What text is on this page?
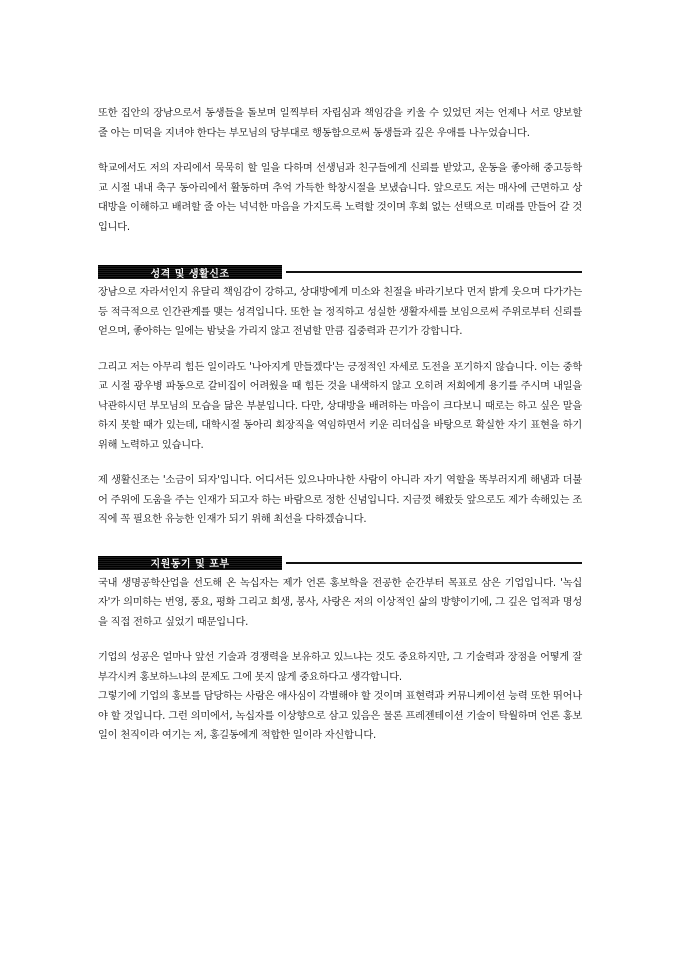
또한 집안의 장남으로서 동생들을 돌보며 일찍부터 자립심과 책임감을 키울 수 있었던 저는 언제나 서로 양보할 줄 아는 미덕을 지녀야 한다는 부모님의 당부대로 행동함으로써 동생들과 깊은 우애를 나누었습니다.

학교에서도 저의 자리에서 묵묵히 할 일을 다하며 선생님과 친구들에게 신뢰를 받았고, 운동을 좋아해 중고등학교 시절 내내 축구 동아리에서 활동하며 추억 가득한 학창시절을 보냈습니다. 앞으로도 저는 매사에 근면하고 상대방을 이해하고 배려할 줄 아는 넉넉한 마음을 가지도록 노력할 것이며 후회 없는 선택으로 미래를 만들어 갈 것입니다.

성격 및 생활신조

장남으로 자라서인지 유달리 책임감이 강하고, 상대방에게 미소와 친절을 바라기보다 먼저 밝게 웃으며 다가가는 등 적극적으로 인간관계를 맺는 성격입니다. 또한 늘 정직하고 성실한 생활자세를 보임으로써 주위로부터 신뢰를 얻으며, 좋아하는 일에는 밤낮을 가리지 않고 전념할 만큼 집중력과 끈기가 강합니다.

그리고 저는 아무리 힘든 일이라도 '나아지게 만들겠다'는 긍정적인 자세로 도전을 포기하지 않습니다. 이는 중학교 시절 광우병 파동으로 갈비집이 어려웠을 때 힘든 것을 내색하지 않고 오히려 저희에게 용기를 주시며 내일을 낙관하시던 부모님의 모습을 닮은 부분입니다. 다만, 상대방을 배려하는 마음이 크다보니 때로는 하고 싶은 말을 하지 못할 때가 있는데, 대학시절 동아리 회장직을 역임하면서 키운 리더십을 바탕으로 확실한 자기 표현을 하기 위해 노력하고 있습니다.

제 생활신조는 '소금이 되자'입니다. 어디서든 있으나마나한 사람이 아니라 자기 역할을 똑부러지게 해냄과 더불어 주위에 도움을 주는 인재가 되고자 하는 바람으로 정한 신념입니다. 지금껏 해왔듯 앞으로도 제가 속해있는 조직에 꼭 필요한 유능한 인재가 되기 위해 최선을 다하겠습니다.

지원동기 및 포부

국내 생명공학산업을 선도해 온 녹십자는 제가 언론 홍보학을 전공한 순간부터 목표로 삼은 기업입니다. '녹십자'가 의미하는 번영, 풍요, 평화 그리고 희생, 봉사, 사랑은 저의 이상적인 삶의 방향이기에, 그 깊은 업적과 명성을 직접 전하고 싶었기 때문입니다.

기업의 성공은 얼마나 앞선 기술과 경쟁력을 보유하고 있느냐는 것도 중요하지만, 그 기술력과 장점을 어떻게 잘 부각시켜 홍보하느냐의 문제도 그에 못지 않게 중요하다고 생각합니다.

그렇기에 기업의 홍보를 담당하는 사람은 애사심이 각별해야 할 것이며 표현력과 커뮤니케이션 능력 또한 뛰어나야 할 것입니다. 그런 의미에서, 녹십자를 이상향으로 삼고 있음은 물론 프레젠테이션 기술이 탁월하며 언론 홍보 일이 천직이라 여기는 저, 홍길동에게 적합한 일이라 자신합니다.
